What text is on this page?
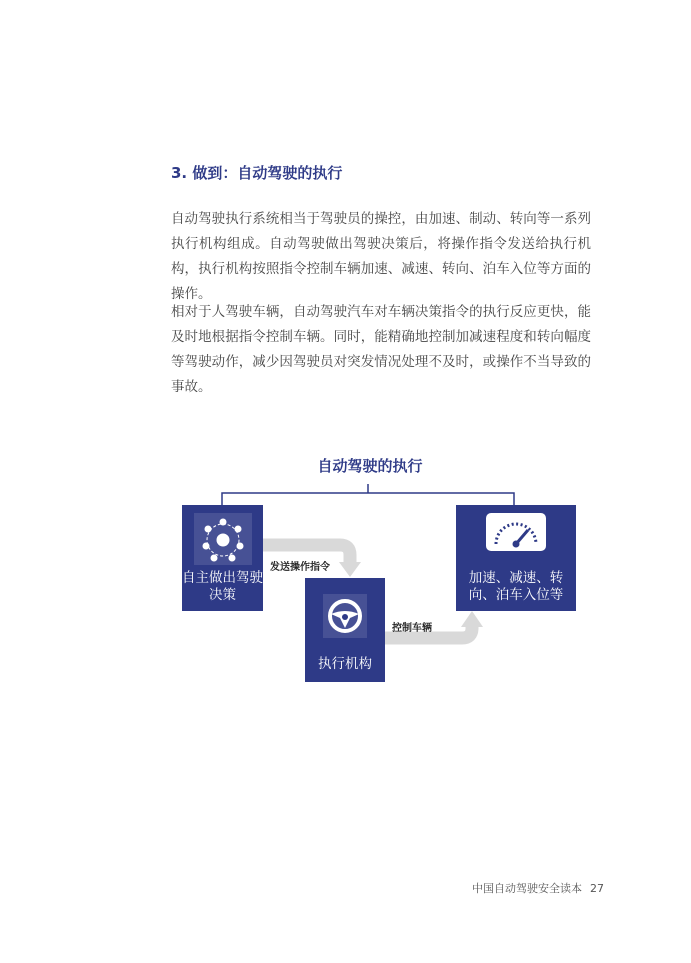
3. 做到：自动驾驶的执行
自动驾驶执行系统相当于驾驶员的操控，由加速、制动、转向等一系列执行机构组成。自动驾驶做出驾驶决策后，将操作指令发送给执行机构，执行机构按照指令控制车辆加速、减速、转向、泊车入位等方面的操作。
相对于人驾驶车辆，自动驾驶汽车对车辆决策指令的执行反应更快，能及时地根据指令控制车辆。同时，能精确地控制加减速程度和转向幅度等驾驶动作，减少因驾驶员对突发情况处理不及时，或操作不当导致的事故。
自动驾驶的执行
发送操作指令
控制车辆
自主做出驾驶决策
执行机构
加速、减速、转向、泊车入位等
中国自动驾驶安全读本 27
